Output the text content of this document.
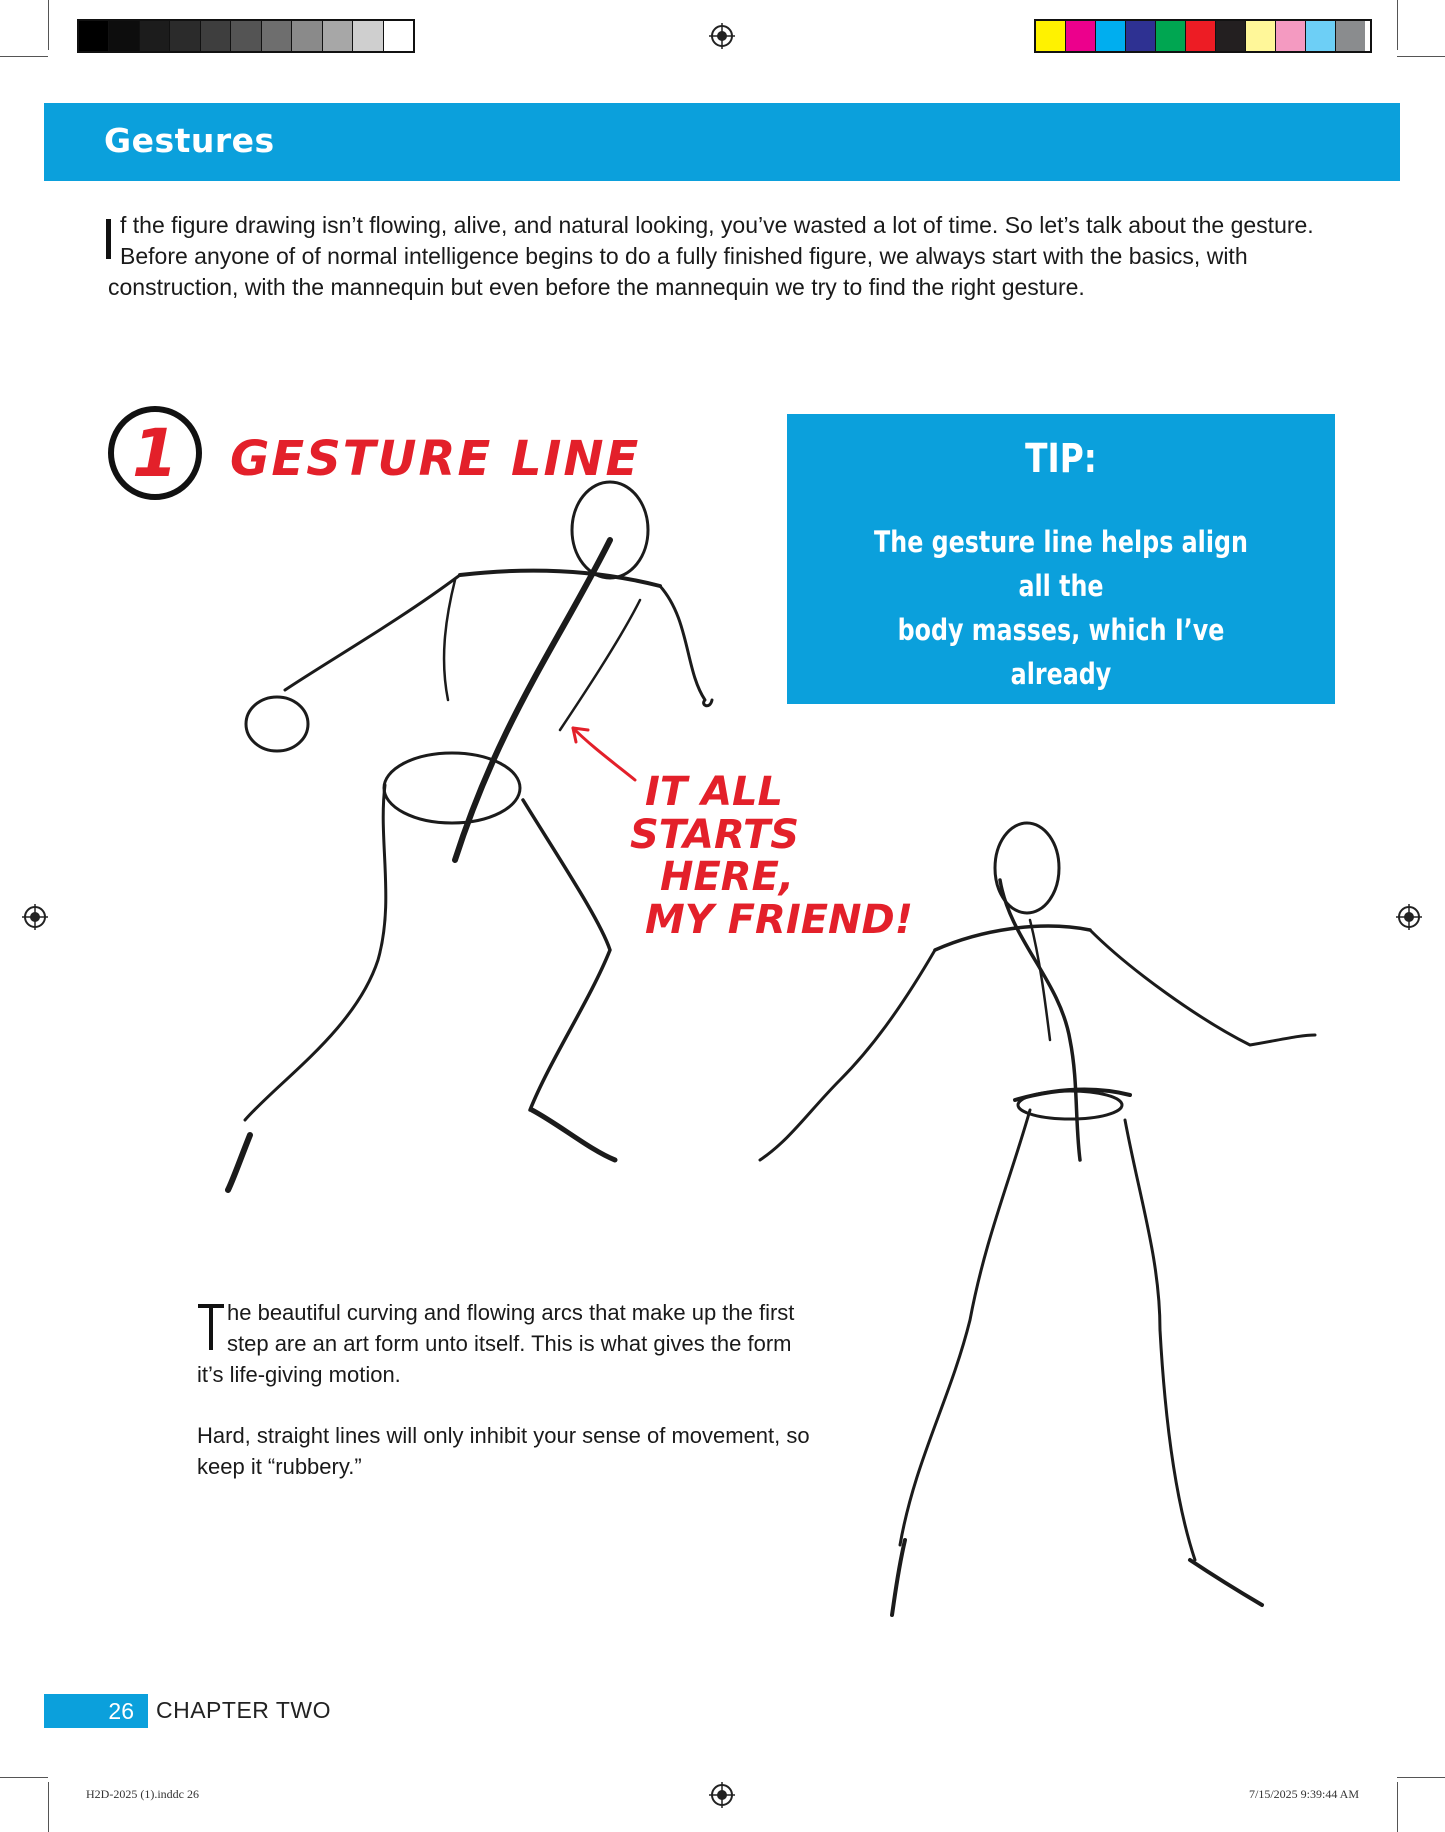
Gestures

f the figure drawing isn’t flowing, alive, and natural looking, you’ve wasted a lot of time. So let’s talk about the gesture.

Before anyone of of normal intelligence begins to do a fully finished figure, we always start with the basics, with

construction, with the mannequin but even before the mannequin we try to find the right gesture.

1 GESTURE LINE
IT ALL STARTS HERE, MY FRIEND!
TIP:
The gesture line helps align all the
body masses, which I’ve already
begun to indicate here.

he beautiful curving and flowing arcs that make up the first

step are an art form unto itself. This is what gives the form

it’s life-giving motion.

Hard, straight lines will only inhibit your sense of movement, so

keep it “rubbery.”

26 CHAPTER TWO
H2D-2025 (1).inddc 26	7/15/2025 9:39:44 AM
